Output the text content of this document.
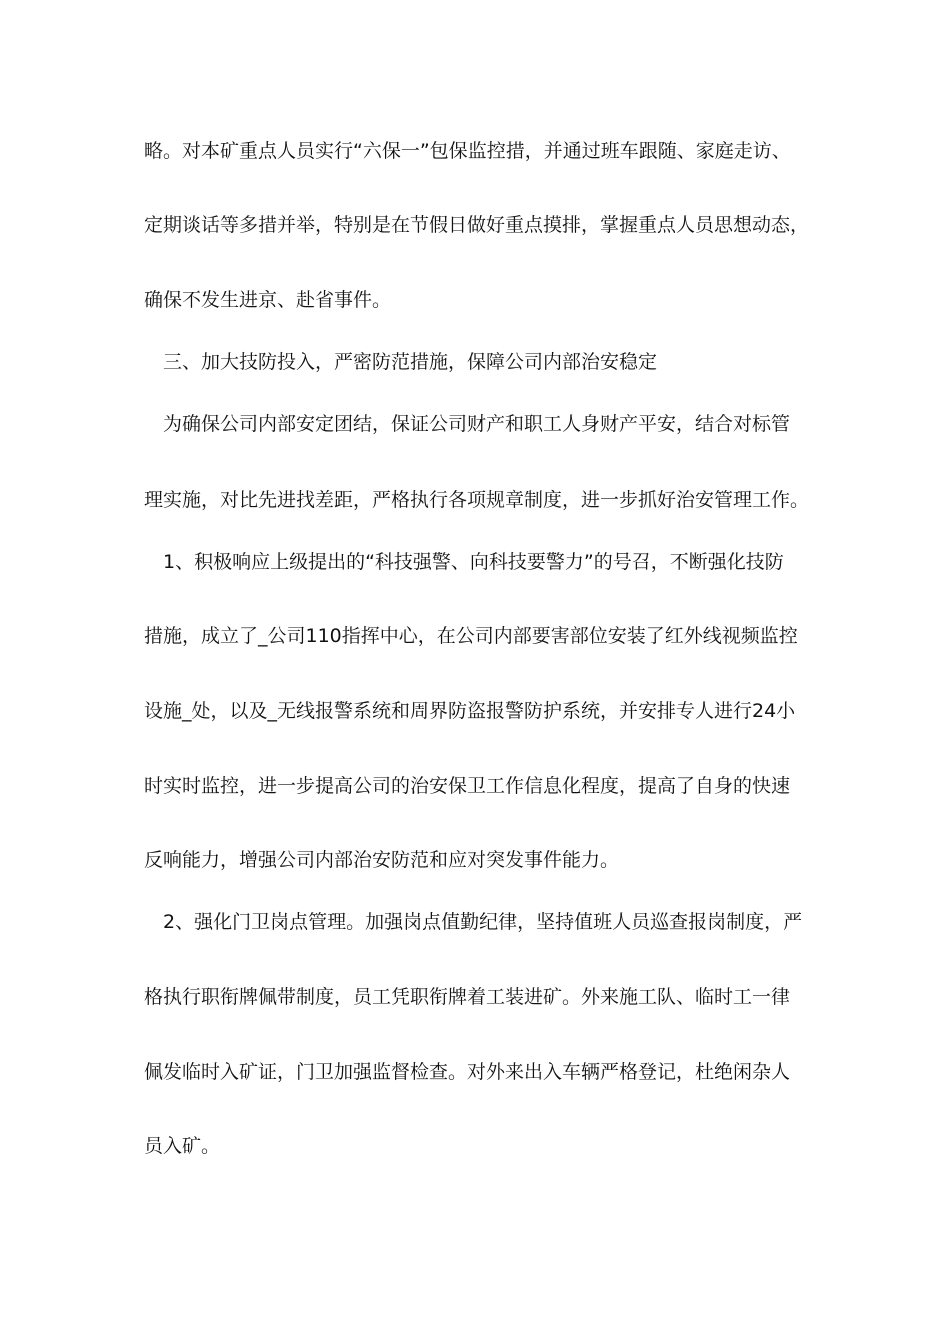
略。对本矿重点人员实行“六保一”包保监控措，并通过班车跟随、家庭走访、
定期谈话等多措并举，特别是在节假日做好重点摸排，掌握重点人员思想动态，
确保不发生进京、赴省事件。
三、加大技防投入，严密防范措施，保障公司内部治安稳定
为确保公司内部安定团结，保证公司财产和职工人身财产平安，结合对标管
理实施，对比先进找差距，严格执行各项规章制度，进一步抓好治安管理工作。
1、积极响应上级提出的“科技强警、向科技要警力”的号召，不断强化技防
措施，成立了_公司110指挥中心，在公司内部要害部位安装了红外线视频监控
设施_处，以及_无线报警系统和周界防盗报警防护系统，并安排专人进行24小
时实时监控，进一步提高公司的治安保卫工作信息化程度，提高了自身的快速
反响能力，增强公司内部治安防范和应对突发事件能力。
2、强化门卫岗点管理。加强岗点值勤纪律，坚持值班人员巡查报岗制度，严
格执行职衔牌佩带制度，员工凭职衔牌着工装进矿。外来施工队、临时工一律
佩发临时入矿证，门卫加强监督检查。对外来出入车辆严格登记，杜绝闲杂人
员入矿。
